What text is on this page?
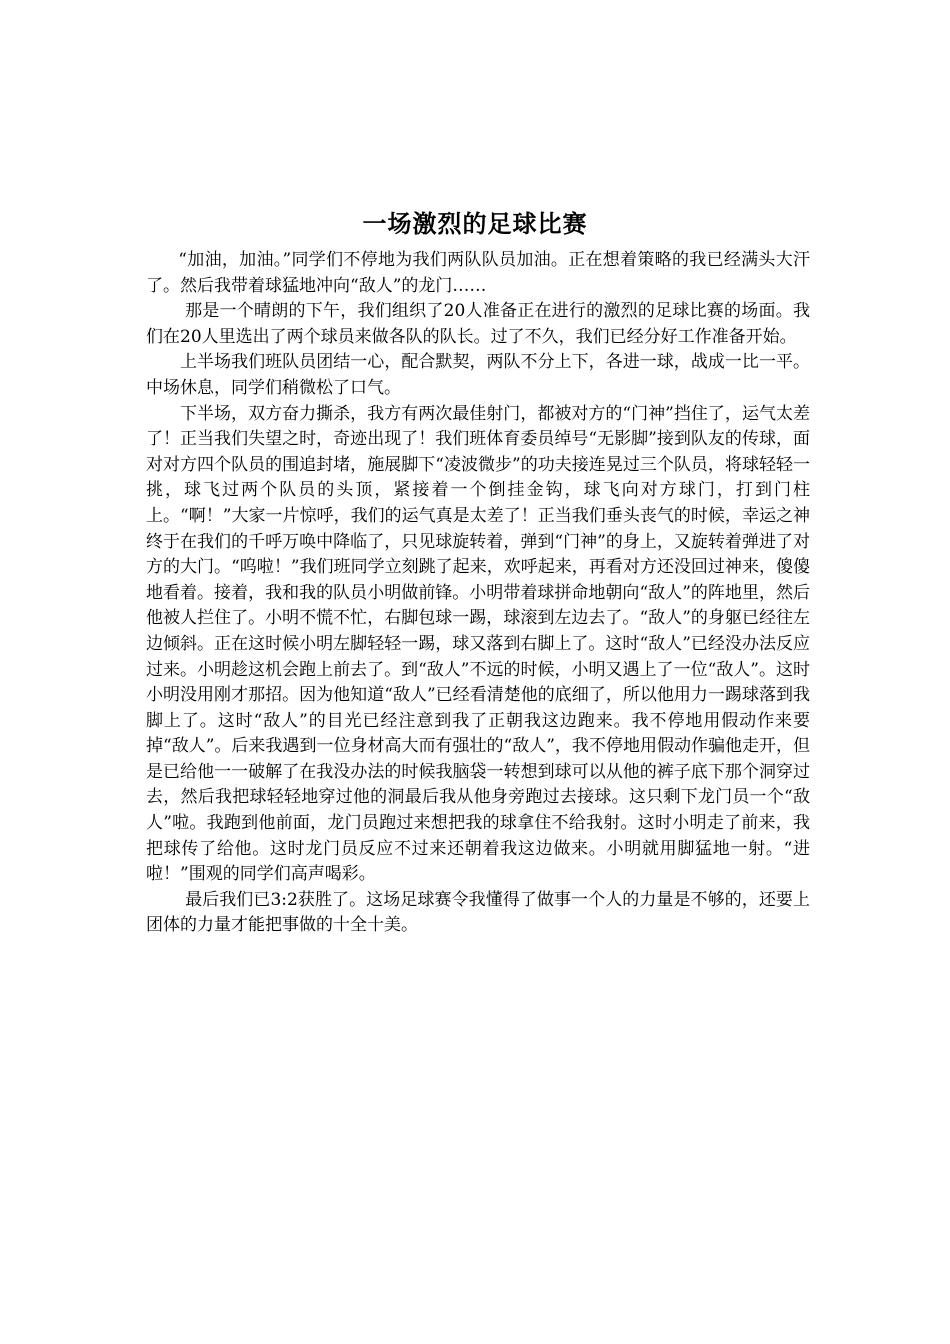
一场激烈的足球比赛

“加油，加油。”同学们不停地为我们两队队员加油。正在想着策略的我已经满头大汗了。然后我带着球猛地冲向“敌人”的龙门……

那是一个晴朗的下午，我们组织了20人准备正在进行的激烈的足球比赛的场面。我们在20人里选出了两个球员来做各队的队长。过了不久，我们已经分好工作准备开始。

上半场我们班队员团结一心，配合默契，两队不分上下，各进一球，战成一比一平。中场休息，同学们稍微松了口气。

下半场，双方奋力撕杀，我方有两次最佳射门，都被对方的“门神”挡住了，运气太差了！正当我们失望之时，奇迹出现了！我们班体育委员绰号“无影脚”接到队友的传球，面对对方四个队员的围追封堵，施展脚下“凌波微步”的功夫接连晃过三个队员，将球轻轻一挑，球飞过两个队员的头顶，紧接着一个倒挂金钩，球飞向对方球门，打到门柱上。“啊！”大家一片惊呼，我们的运气真是太差了！正当我们垂头丧气的时候，幸运之神终于在我们的千呼万唤中降临了，只见球旋转着，弹到“门神”的身上，又旋转着弹进了对方的大门。“呜啦！”我们班同学立刻跳了起来，欢呼起来，再看对方还没回过神来，傻傻地看着。接着，我和我的队员小明做前锋。小明带着球拼命地朝向“敌人”的阵地里，然后他被人拦住了。小明不慌不忙，右脚包球一踢，球滚到左边去了。“敌人”的身躯已经往左边倾斜。正在这时候小明左脚轻轻一踢，球又落到右脚上了。这时“敌人”已经没办法反应过来。小明趁这机会跑上前去了。到“敌人”不远的时候，小明又遇上了一位“敌人”。这时小明没用刚才那招。因为他知道“敌人”已经看清楚他的底细了，所以他用力一踢球落到我脚上了。这时“敌人”的目光已经注意到我了正朝我这边跑来。我不停地用假动作来要掉“敌人”。后来我遇到一位身材高大而有强壮的“敌人”，我不停地用假动作骗他走开，但是已给他一一破解了在我没办法的时候我脑袋一转想到球可以从他的裤子底下那个洞穿过去，然后我把球轻轻地穿过他的洞最后我从他身旁跑过去接球。这只剩下龙门员一个“敌人”啦。我跑到他前面，龙门员跑过来想把我的球拿住不给我射。这时小明走了前来，我把球传了给他。这时龙门员反应不过来还朝着我这边做来。小明就用脚猛地一射。“进啦！”围观的同学们高声喝彩。

最后我们已3:2获胜了。这场足球赛令我懂得了做事一个人的力量是不够的，还要上团体的力量才能把事做的十全十美。
